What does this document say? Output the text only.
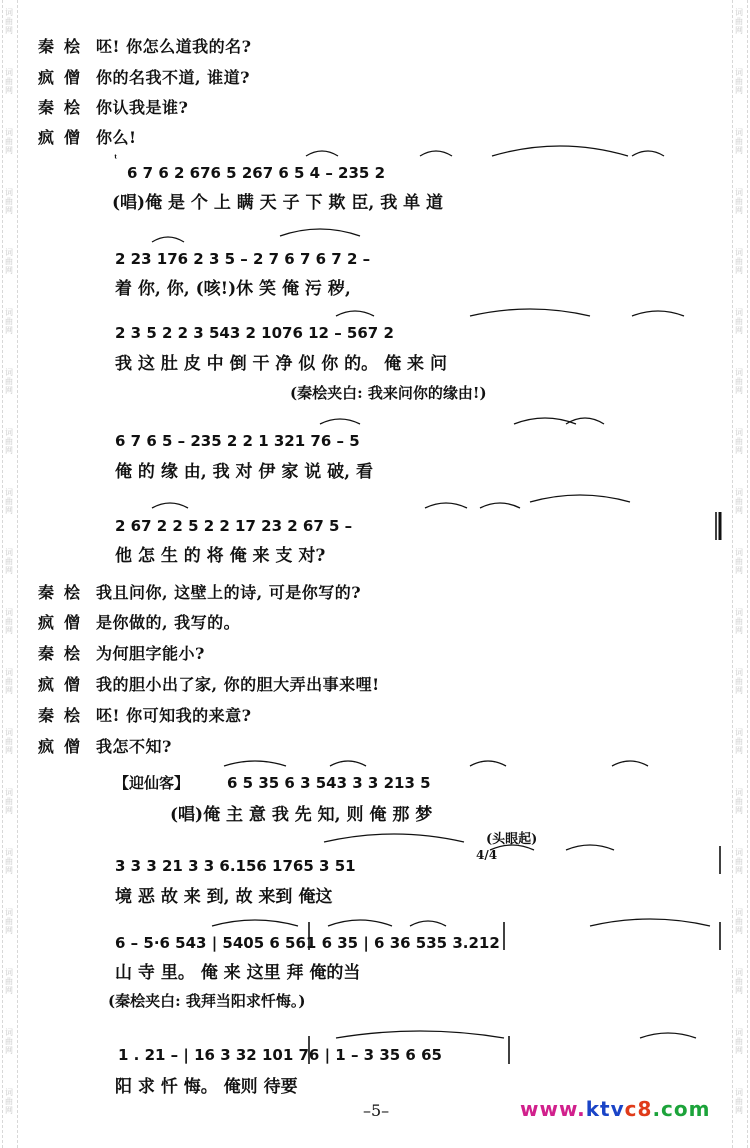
词
曲
网
词
曲
网
词
曲
网
词
曲
网
词
曲
网
词
曲
网
词
曲
网
词
曲
网
词
曲
网
词
曲
网
词
曲
网
词
曲
网
词
曲
网
词
曲
网
词
曲
网
词
曲
网
词
曲
网
词
曲
网
词
曲
网
词
曲
网
词
曲
网
词
曲
网
词
曲
网
词
曲
网
词
曲
网
词
曲
网
词
曲
网
词
曲
网
词
曲
网
词
曲
网
词
曲
网
词
曲
网
词
曲
网
词
曲
网
词
曲
网
词
曲
网
词
曲
网
词
曲
网
秦桧 呸! 你怎么道我的名?
疯僧 你的名我不道, 谁道?
秦桧 你认我是谁?
疯僧 你么!
ᵗ
6 7 6 2 676 5 267 6 5 4 – 235 2
(唱)俺 是 个 上 瞒 天 子 下 欺 臣, 我 单 道
2 23 176 2 3 5 – 2 7 6 7 6 7 2 –
着 你, 你, (咳!)休 笑 俺 污 秽,
2 3 5 2 2 3 543 2 1076 12 – 567 2
我 这 肚 皮 中 倒 干 净 似 你 的。 俺 来 问
(秦桧夹白: 我来问你的缘由!)
6 7 6 5 – 235 2 2 1 321 76 – 5
俺 的 缘 由, 我 对 伊 家 说 破, 看
2 67 2 2 5 2 2 17 23 2 67 5 –
他 怎 生 的 将 俺 来 支 对?
秦桧 我且问你, 这壁上的诗, 可是你写的?
疯僧 是你做的, 我写的。
秦桧 为何胆字能小?
疯僧 我的胆小出了家, 你的胆大弄出事来哩!
秦桧 呸! 你可知我的来意?
疯僧 我怎不知?
【迎仙客】	6 5 35 6 3 543 3 3 213 5
(唱)俺 主 意 我 先 知, 则 俺 那 梦
(头眼起)
4/4
3 3 3 21 3 3 6.156 1765 3 51
境 恶 故 来 到, 故 来到 俺这
6 – 5·6 543 | 5405 6 561 6 35 | 6 36 535 3.212
山 寺 里。 俺 来 这里 拜 俺的当
(秦桧夹白: 我拜当阳求忏悔。)
1 . 21 – | 16 3 32 101 76 | 1 – 3 35 6 65
阳 求 忏 悔。 俺则 待要
–5–	www.ktvc8.com
